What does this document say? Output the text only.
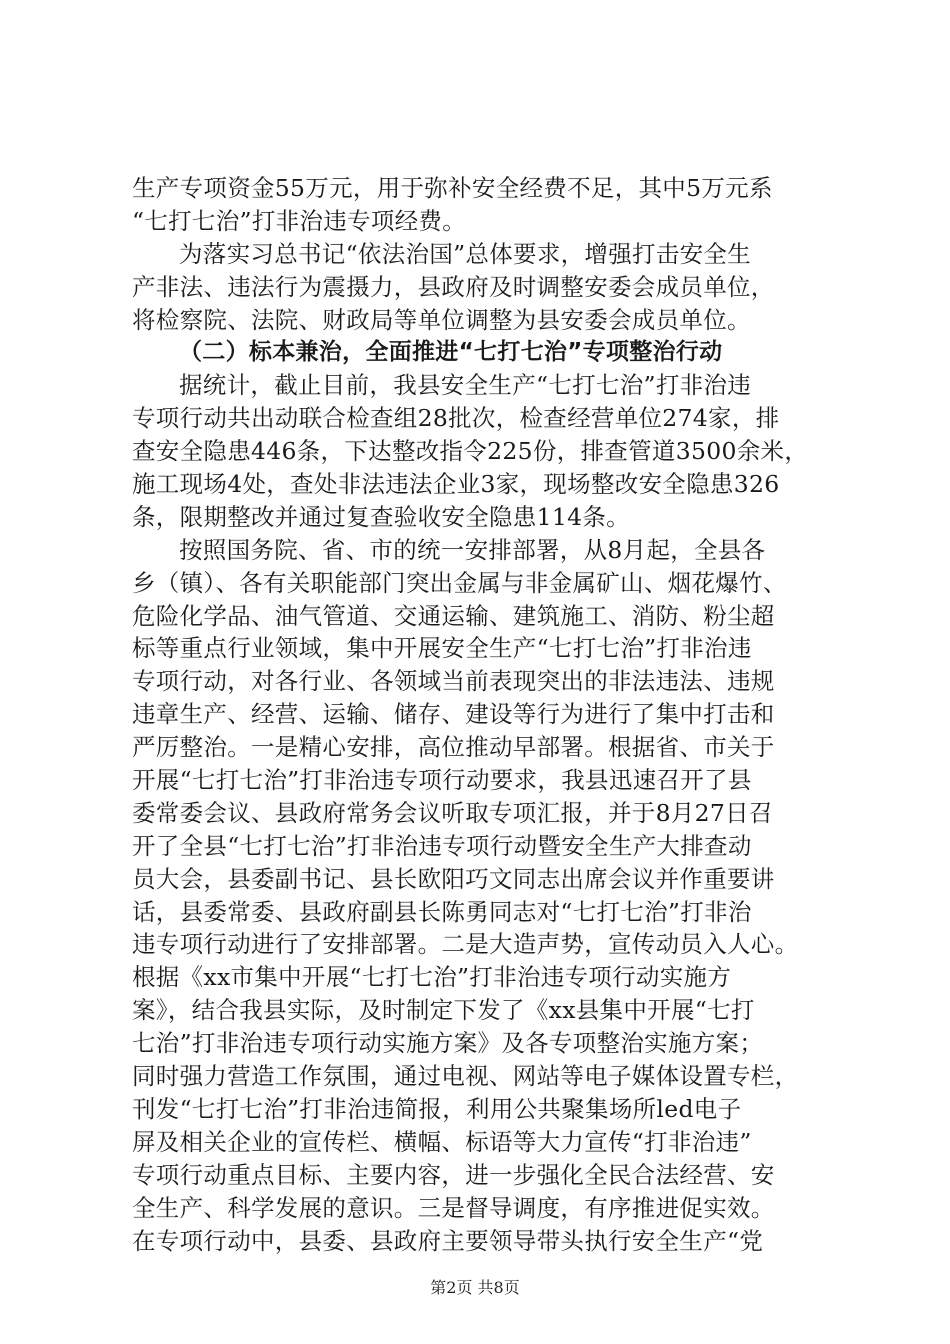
生产专项资金55万元，用于弥补安全经费不足，其中5万元系
“七打七治”打非治违专项经费。
为落实习总书记“依法治国”总体要求，增强打击安全生
产非法、违法行为震摄力，县政府及时调整安委会成员单位，
将检察院、法院、财政局等单位调整为县安委会成员单位。
（二）标本兼治，全面推进“七打七治”专项整治行动
据统计，截止目前，我县安全生产“七打七治”打非治违
专项行动共出动联合检查组28批次，检查经营单位274家，排
查安全隐患446条，下达整改指令225份，排查管道3500余米，
施工现场4处，查处非法违法企业3家，现场整改安全隐患326
条，限期整改并通过复查验收安全隐患114条。
按照国务院、省、市的统一安排部署，从8月起，全县各
乡（镇）、各有关职能部门突出金属与非金属矿山、烟花爆竹、
危险化学品、油气管道、交通运输、建筑施工、消防、粉尘超
标等重点行业领域，集中开展安全生产“七打七治”打非治违
专项行动，对各行业、各领域当前表现突出的非法违法、违规
违章生产、经营、运输、储存、建设等行为进行了集中打击和
严厉整治。一是精心安排，高位推动早部署。根据省、市关于
开展“七打七治”打非治违专项行动要求，我县迅速召开了县
委常委会议、县政府常务会议听取专项汇报，并于8月27日召
开了全县“七打七治”打非治违专项行动暨安全生产大排查动
员大会，县委副书记、县长欧阳巧文同志出席会议并作重要讲
话，县委常委、县政府副县长陈勇同志对“七打七治”打非治
违专项行动进行了安排部署。二是大造声势，宣传动员入人心。
根据《xx市集中开展“七打七治”打非治违专项行动实施方
案》，结合我县实际，及时制定下发了《xx县集中开展“七打
七治”打非治违专项行动实施方案》及各专项整治实施方案；
同时强力营造工作氛围，通过电视、网站等电子媒体设置专栏，
刊发“七打七治”打非治违简报，利用公共聚集场所led电子
屏及相关企业的宣传栏、横幅、标语等大力宣传“打非治违”
专项行动重点目标、主要内容，进一步强化全民合法经营、安
全生产、科学发展的意识。三是督导调度，有序推进促实效。
在专项行动中，县委、县政府主要领导带头执行安全生产“党
第2页 共8页
